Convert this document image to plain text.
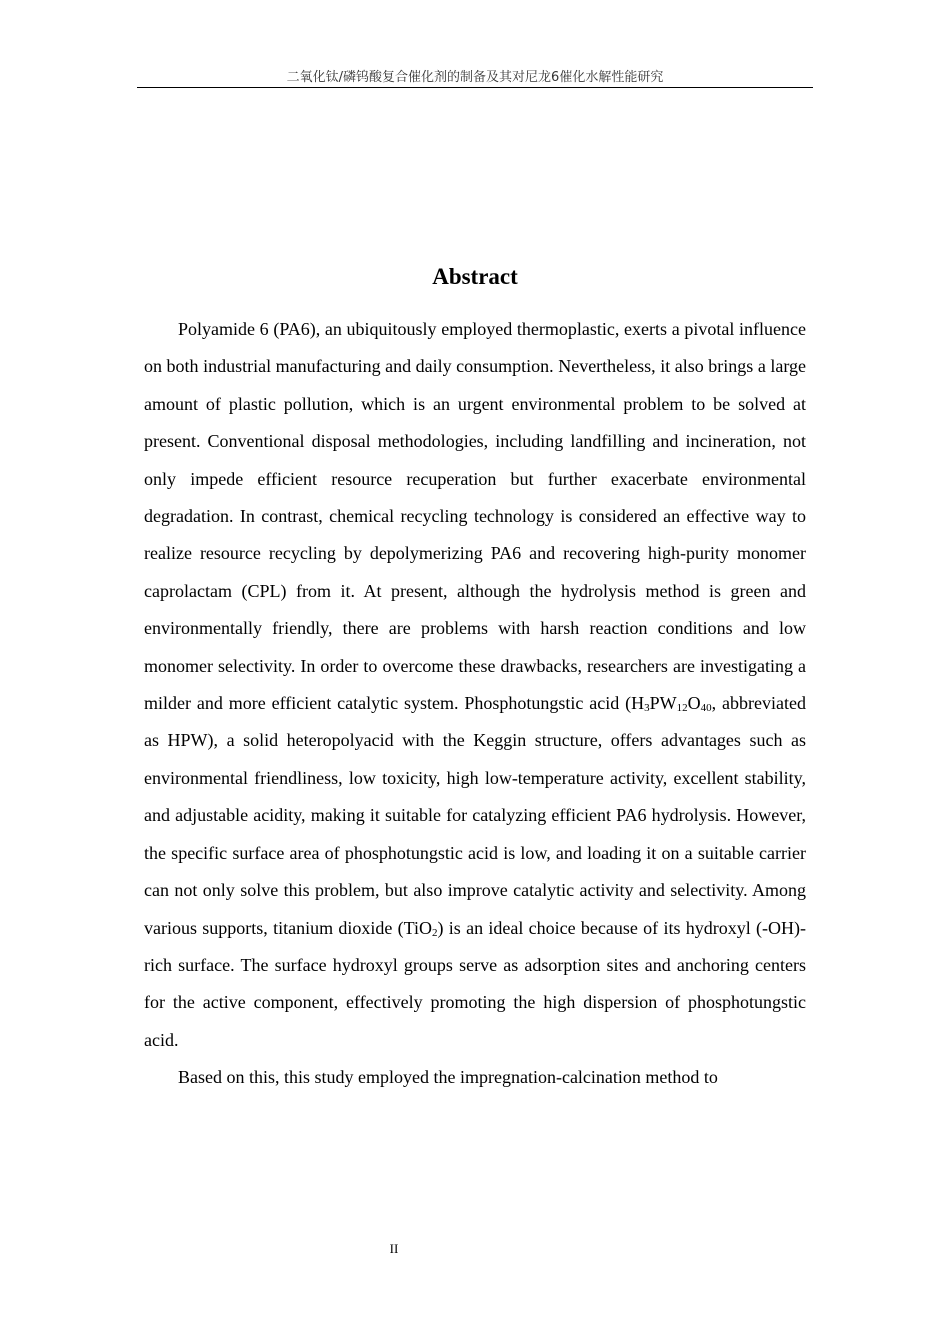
二氧化钛/磷钨酸复合催化剂的制备及其对尼龙6催化水解性能研究
Abstract

Polyamide 6 (PA6), an ubiquitously employed thermoplastic, exerts a pivotal influence on both industrial manufacturing and daily consumption. Nevertheless, it also brings a large amount of plastic pollution, which is an urgent environmental problem to be solved at present. Conventional disposal methodologies, including landfilling and incineration, not only impede efficient resource recuperation but further exacerbate environmental degradation. In contrast, chemical recycling technology is considered an effective way to realize resource recycling by depolymerizing PA6 and recovering high-purity monomer caprolactam (CPL) from it. At present, although the hydrolysis method is green and environmentally friendly, there are problems with harsh reaction conditions and low monomer selectivity. In order to overcome these drawbacks, researchers are investigating a milder and more efficient catalytic system. Phosphotungstic acid ($H_3PW_{12}O_{40}$, abbreviated as HPW), a solid heteropolyacid with the Keggin structure, offers advantages such as environmental friendliness, low toxicity, high low-temperature activity, excellent stability, and adjustable acidity, making it suitable for catalyzing efficient PA6 hydrolysis. However, the specific surface area of phosphotungstic acid is low, and loading it on a suitable carrier can not only solve this problem, but also improve catalytic activity and selectivity. Among various supports, titanium dioxide (TiO$_2$) is an ideal choice because of its hydroxyl (-OH)-rich surface. The surface hydroxyl groups serve as adsorption sites and anchoring centers for the active component, effectively promoting the high dispersion of phosphotungstic acid.

Based on this, this study employed the impregnation-calcination method to

II
